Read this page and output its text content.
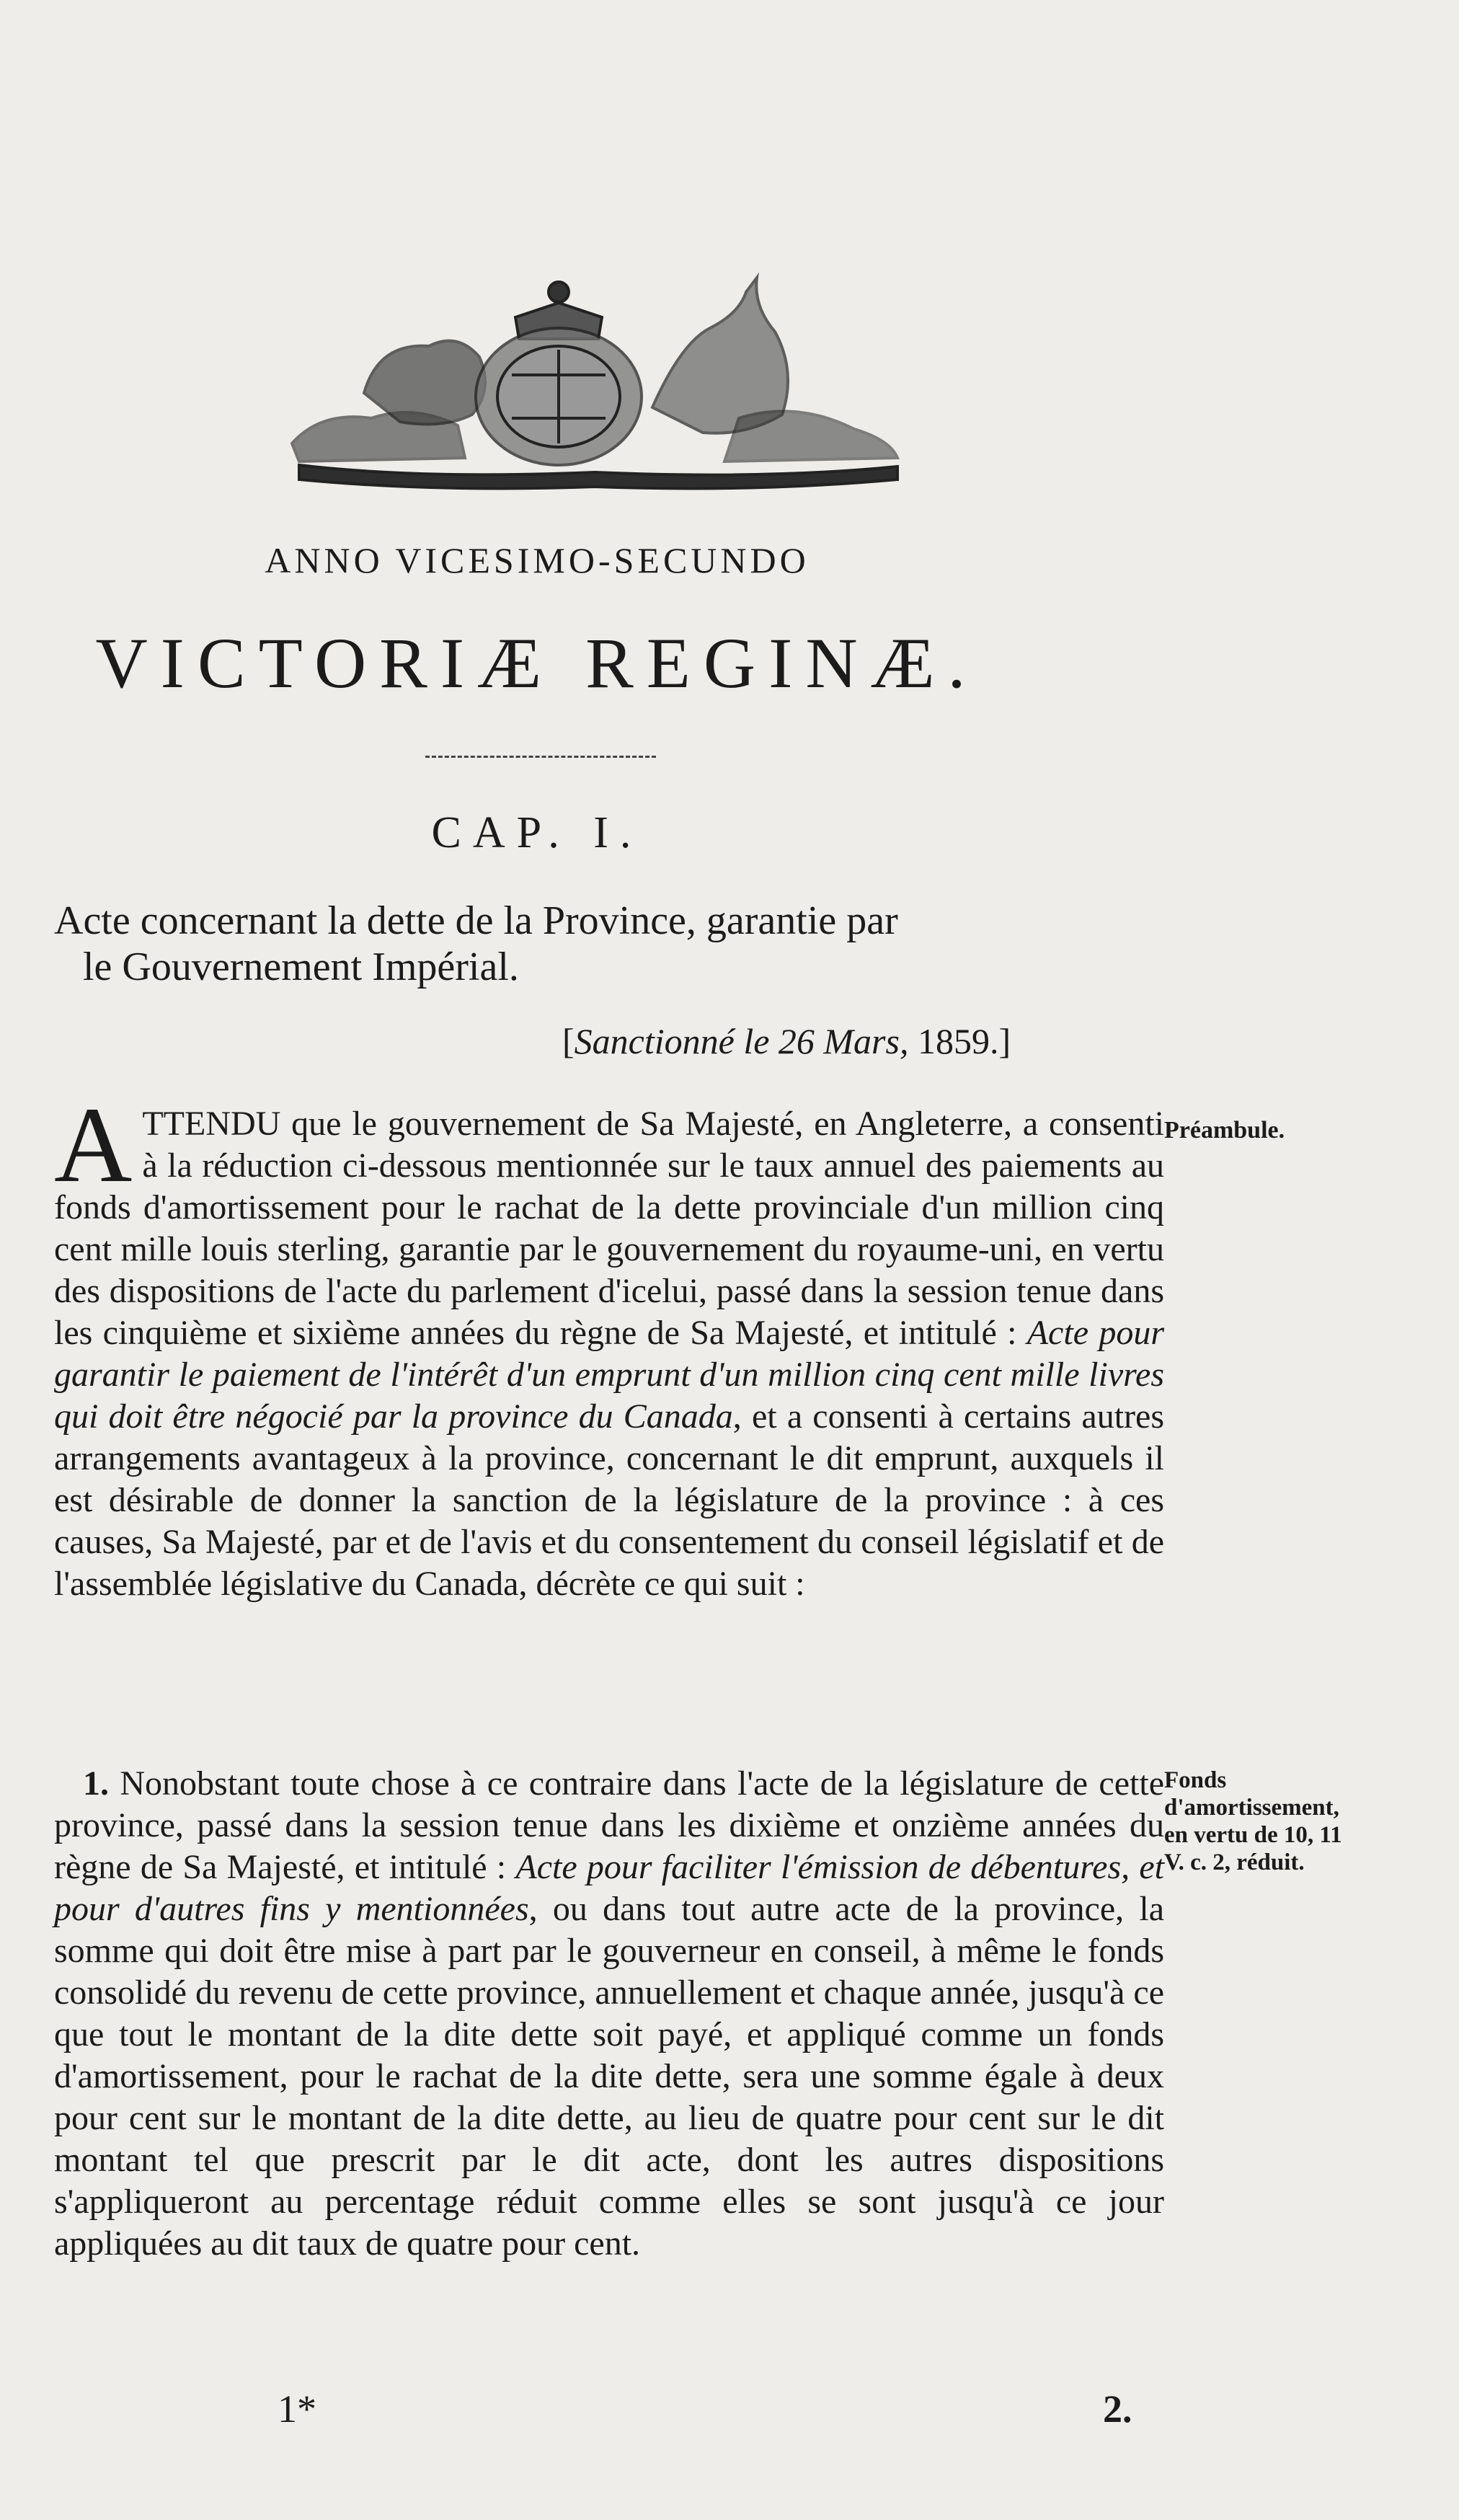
ANNO VICESIMO-SECUNDO
VICTORIÆ REGINÆ.
CAP. I.
Acte concernant la dette de la Province, garantie par
le Gouvernement Impérial.
[Sanctionné le 26 Mars, 1859.]
Préambule.
ATTENDU que le gouvernement de Sa Majesté, en Angleterre, a consenti à la réduction ci-dessous mentionnée sur le taux annuel des paiements au fonds d'amortissement pour le rachat de la dette provinciale d'un million cinq cent mille louis sterling, garantie par le gouvernement du royaume-uni, en vertu des dispositions de l'acte du parlement d'icelui, passé dans la session tenue dans les cinquième et sixième années du règne de Sa Majesté, et intitulé : Acte pour garantir le paiement de l'intérêt d'un emprunt d'un million cinq cent mille livres qui doit être négocié par la province du Canada, et a consenti à certains autres arrangements avantageux à la province, concernant le dit emprunt, auxquels il est désirable de donner la sanction de la législature de la province : à ces causes, Sa Majesté, par et de l'avis et du consentement du conseil législatif et de l'assemblée législative du Canada, décrète ce qui suit :
Fonds d'amortissement, en vertu de 10, 11 V. c. 2, réduit.
1. Nonobstant toute chose à ce contraire dans l'acte de la législature de cette province, passé dans la session tenue dans les dixième et onzième années du règne de Sa Majesté, et intitulé : Acte pour faciliter l'émission de débentures, et pour d'autres fins y mentionnées, ou dans tout autre acte de la province, la somme qui doit être mise à part par le gouverneur en conseil, à même le fonds consolidé du revenu de cette province, annuellement et chaque année, jusqu'à ce que tout le montant de la dite dette soit payé, et appliqué comme un fonds d'amortissement, pour le rachat de la dite dette, sera une somme égale à deux pour cent sur le montant de la dite dette, au lieu de quatre pour cent sur le dit montant tel que prescrit par le dit acte, dont les autres dispositions s'appliqueront au percentage réduit comme elles se sont jusqu'à ce jour appliquées au dit taux de quatre pour cent.
1*	2.
